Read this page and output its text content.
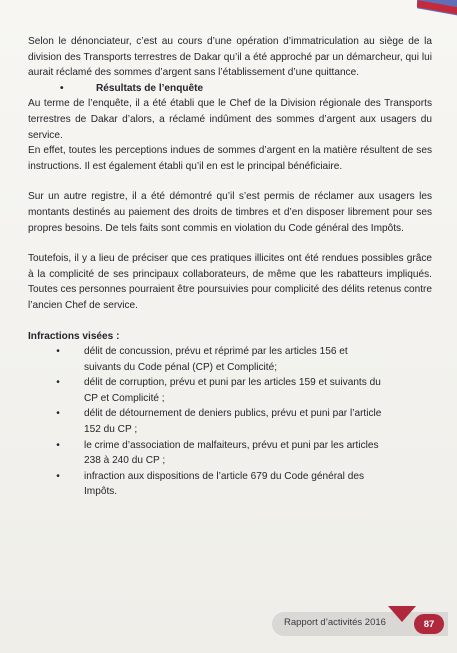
Selon le dénonciateur, c’est au cours d’une opération d’immatriculation au siège de la division des Transports terrestres de Dakar qu’il a été approché par un démarcheur, qui lui aurait réclamé des sommes d’argent sans l’établissement d’une quittance.

•	Résultats de l’enquête

Au terme de l’enquête, il a été établi que le Chef de la Division régionale des Transports terrestres de Dakar d’alors, a réclamé indûment des sommes d’argent aux usagers du service.

En effet, toutes les perceptions indues de sommes d’argent en la matière résultent de ses instructions. Il est également établi qu’il en est le principal bénéficiaire.

Sur un autre registre, il a été démontré qu’il s’est permis de réclamer aux usagers les montants destinés au paiement des droits de timbres et d’en disposer librement pour ses propres besoins. De tels faits sont commis en violation du Code général des Impôts.

Toutefois, il y a lieu de préciser que ces pratiques illicites ont été rendues possibles grâce à la complicité de ses principaux collaborateurs, de même que les rabatteurs impliqués. Toutes ces personnes pourraient être poursuivies pour complicité des délits retenus contre l’ancien Chef de service.

Infractions visées :
•	délit de concussion, prévu et réprimé par les articles 156 et suivants du Code pénal (CP) et Complicité;
•	délit de corruption, prévu et puni par les articles 159 et suivants du CP et Complicité ;
•	délit de détournement de deniers publics, prévu et puni par l’article 152 du CP ;
•	le crime d’association de malfaiteurs, prévu et puni par les articles 238 à 240 du CP ;
•	infraction aux dispositions de l’article 679 du Code général des Impôts.
Rapport d’activités 2016	87
